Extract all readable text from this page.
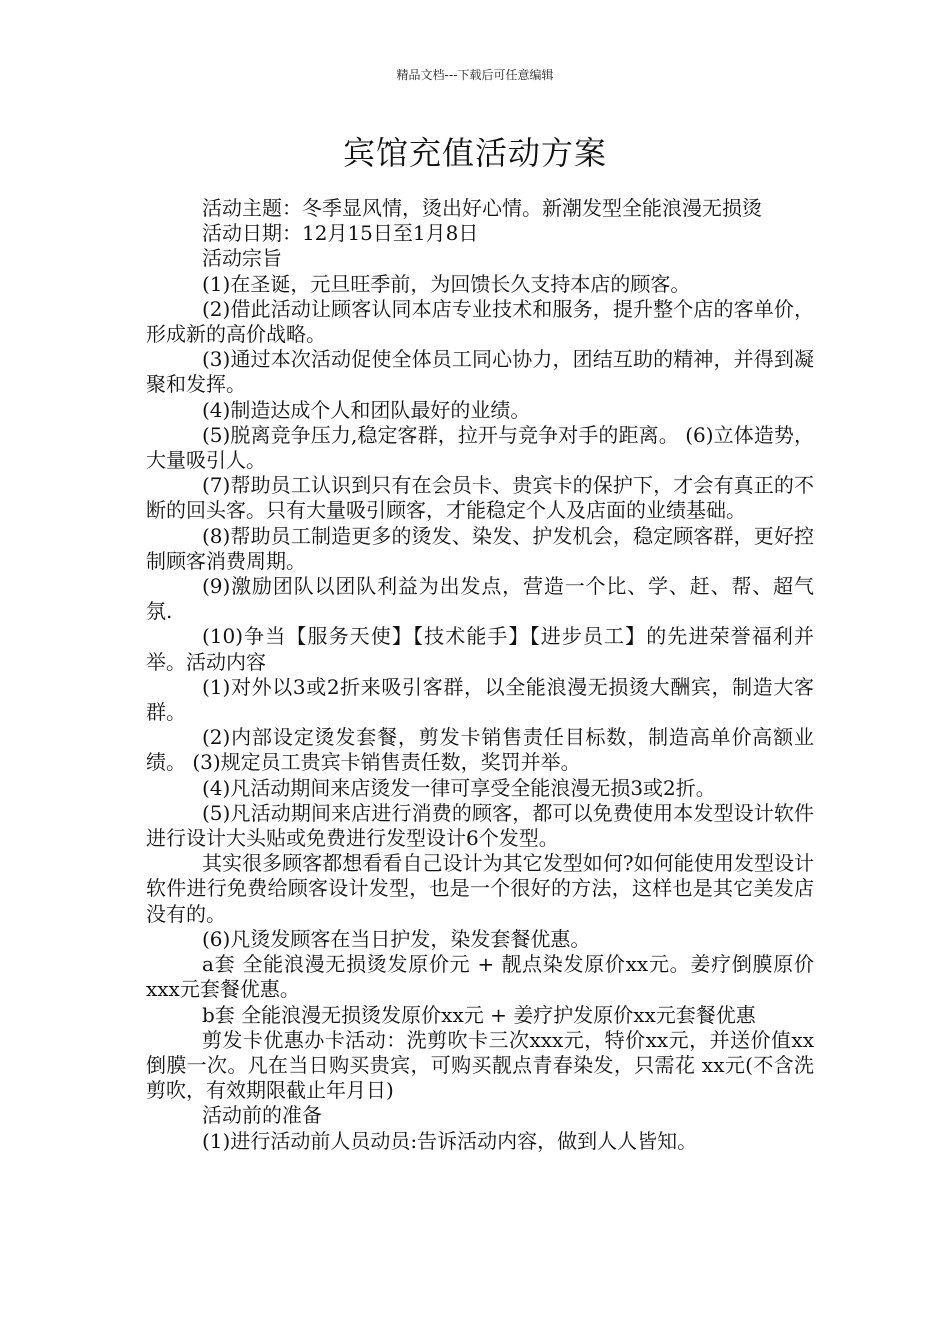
精品文档---下载后可任意编辑
宾馆充值活动方案

活动主题：冬季显风情，烫出好心情。新潮发型全能浪漫无损烫

活动日期：12月15日至1月8日

活动宗旨

(1)在圣诞，元旦旺季前，为回馈长久支持本店的顾客。

(2)借此活动让顾客认同本店专业技术和服务，提升整个店的客单价，形成新的高价战略。

(3)通过本次活动促使全体员工同心协力，团结互助的精神，并得到凝聚和发挥。

(4)制造达成个人和团队最好的业绩。

(5)脱离竞争压力,稳定客群，拉开与竞争对手的距离。 (6)立体造势，大量吸引人。

(7)帮助员工认识到只有在会员卡、贵宾卡的保护下，才会有真正的不断的回头客。只有大量吸引顾客，才能稳定个人及店面的业绩基础。

(8)帮助员工制造更多的烫发、染发、护发机会，稳定顾客群，更好控制顾客消费周期。

(9)激励团队以团队利益为出发点，营造一个比、学、赶、帮、超气氛.

(10)争当【服务天使】【技术能手】【进步员工】的先进荣誉福利并举。活动内容

(1)对外以3或2折来吸引客群，以全能浪漫无损烫大酬宾，制造大客群。

(2)内部设定烫发套餐，剪发卡销售责任目标数，制造高单价高额业绩。 (3)规定员工贵宾卡销售责任数，奖罚并举。

(4)凡活动期间来店烫发一律可享受全能浪漫无损3或2折。

(5)凡活动期间来店进行消费的顾客，都可以免费使用本发型设计软件进行设计大头贴或免费进行发型设计6个发型。

其实很多顾客都想看看自己设计为其它发型如何?如何能使用发型设计软件进行免费给顾客设计发型，也是一个很好的方法，这样也是其它美发店没有的。

(6)凡烫发顾客在当日护发，染发套餐优惠。

a套 全能浪漫无损烫发原价元 + 靓点染发原价xx元。姜疗倒膜原价xxx元套餐优惠。

b套 全能浪漫无损烫发原价xx元 + 姜疗护发原价xx元套餐优惠

剪发卡优惠办卡活动：洗剪吹卡三次xxx元，特价xx元，并送价值xx倒膜一次。凡在当日购买贵宾，可购买靓点青春染发，只需花 xx元(不含洗剪吹，有效期限截止年月日)

活动前的准备

(1)进行活动前人员动员:告诉活动内容，做到人人皆知。
